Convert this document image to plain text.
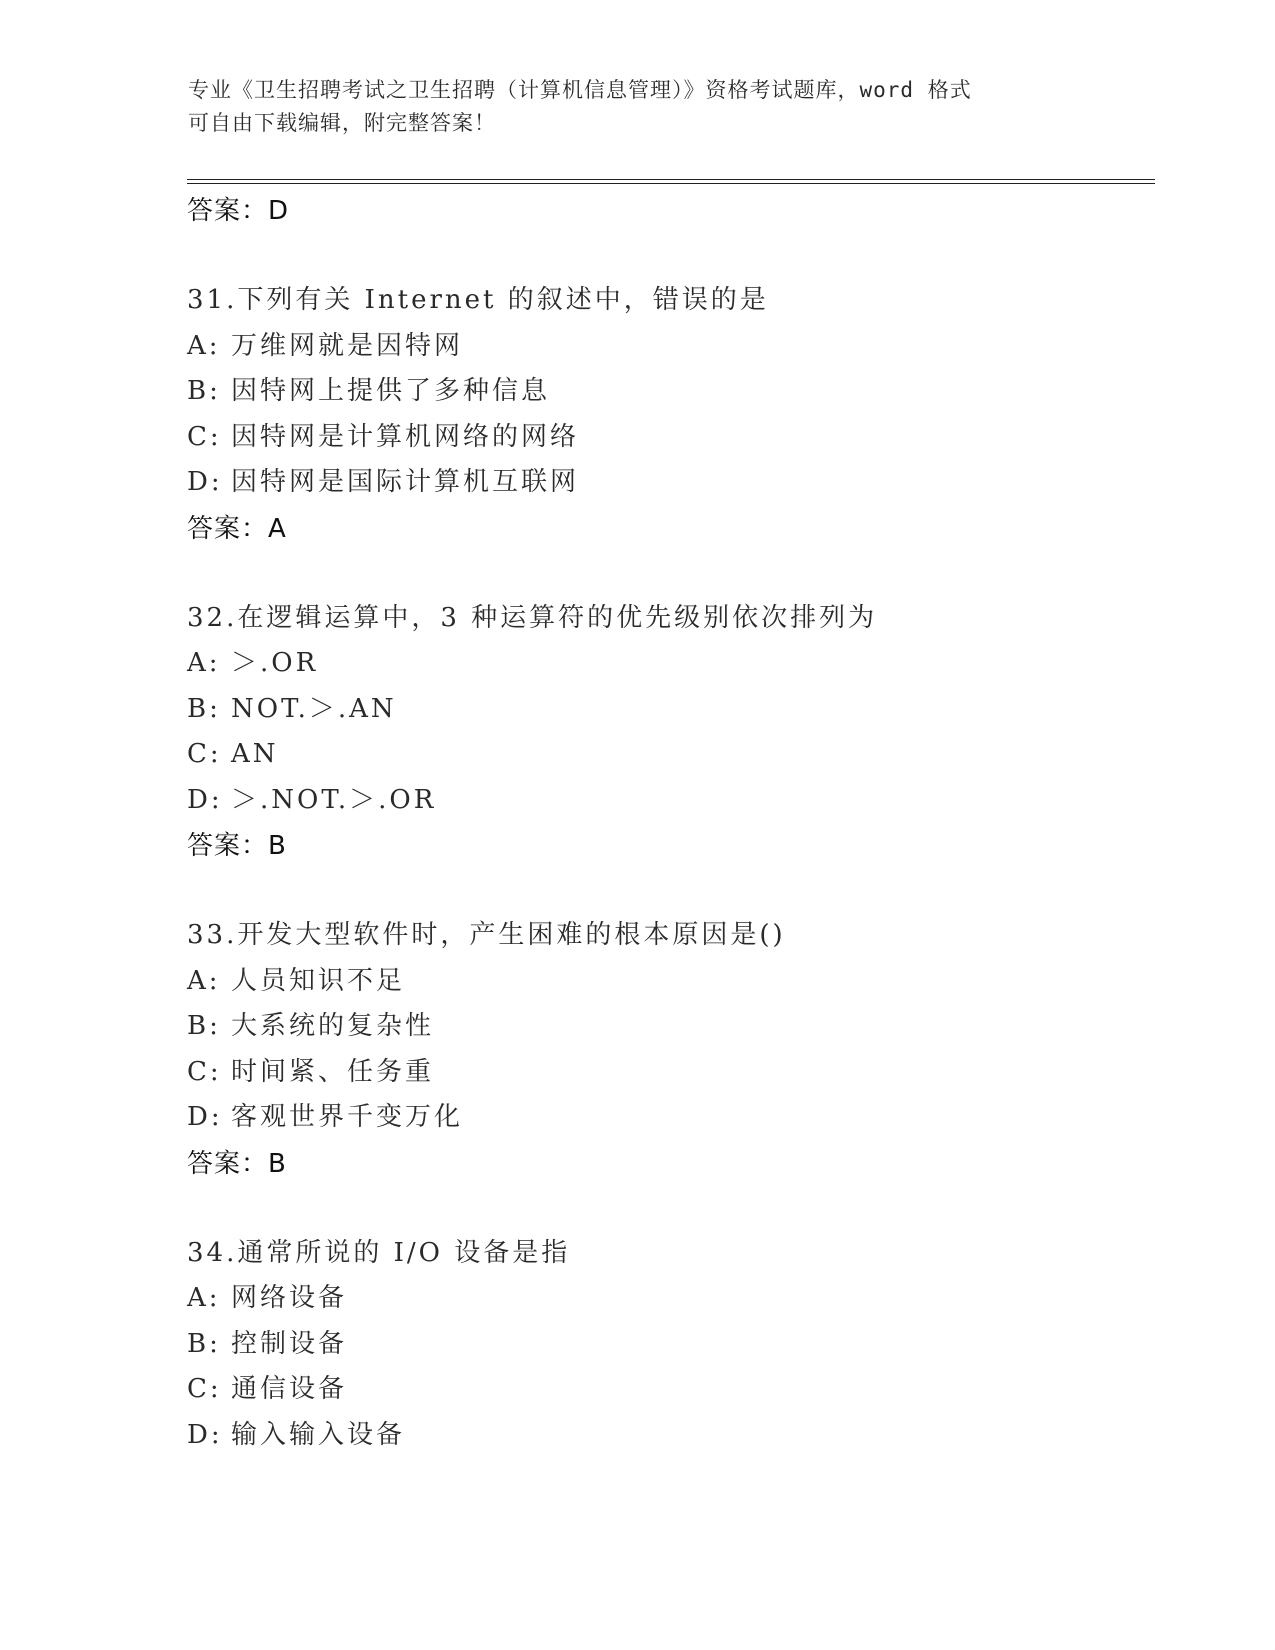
专业《卫生招聘考试之卫生招聘（计算机信息管理）》资格考试题库，word 格式
可自由下载编辑，附完整答案！
答案：D
31.下列有关 Internet 的叙述中，错误的是
A: 万维网就是因特网
B: 因特网上提供了多种信息
C: 因特网是计算机网络的网络
D: 因特网是国际计算机互联网
答案：A
32.在逻辑运算中，3 种运算符的优先级别依次排列为
A: ＞.OR
B: NOT.＞.AN
C: AN
D: ＞.NOT.＞.OR
答案：B
33.开发大型软件时，产生困难的根本原因是()
A: 人员知识不足
B: 大系统的复杂性
C: 时间紧、任务重
D: 客观世界千变万化
答案：B
34.通常所说的 I/O 设备是指
A: 网络设备
B: 控制设备
C: 通信设备
D: 输入输入设备
